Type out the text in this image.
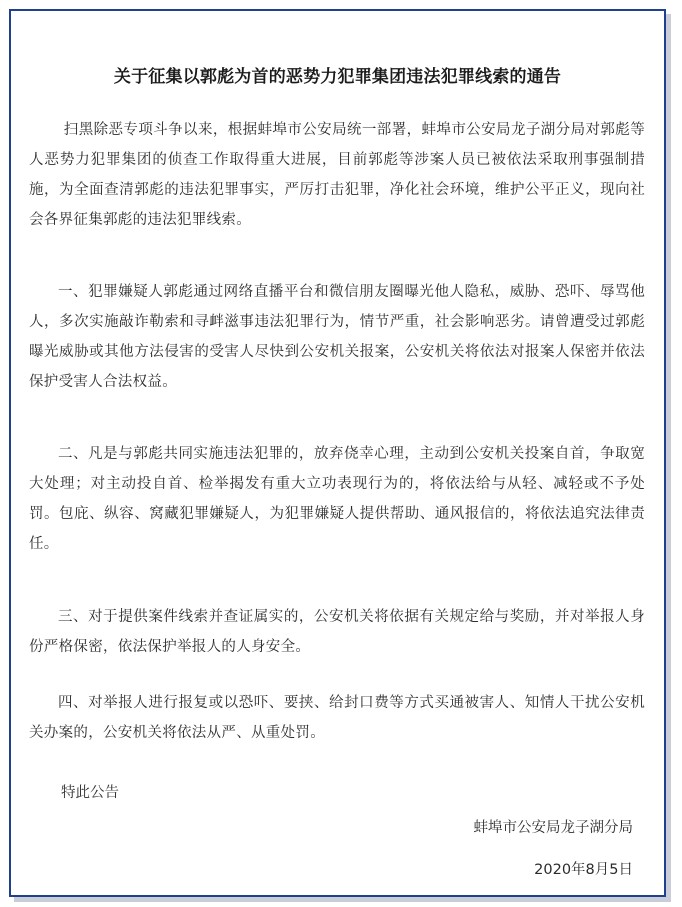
关于征集以郭彪为首的恶势力犯罪集团违法犯罪线索的通告

扫黑除恶专项斗争以来，根据蚌埠市公安局统一部署，蚌埠市公安局龙子湖分局对郭彪等人恶势力犯罪集团的侦查工作取得重大进展，目前郭彪等涉案人员已被依法采取刑事强制措施，为全面查清郭彪的违法犯罪事实，严厉打击犯罪，净化社会环境，维护公平正义，现向社会各界征集郭彪的违法犯罪线索。

一、犯罪嫌疑人郭彪通过网络直播平台和微信朋友圈曝光他人隐私，威胁、恐吓、辱骂他人，多次实施敲诈勒索和寻衅滋事违法犯罪行为，情节严重，社会影响恶劣。请曾遭受过郭彪曝光威胁或其他方法侵害的受害人尽快到公安机关报案，公安机关将依法对报案人保密并依法保护受害人合法权益。

二、凡是与郭彪共同实施违法犯罪的，放弃侥幸心理，主动到公安机关投案自首，争取宽大处理；对主动投自首、检举揭发有重大立功表现行为的，将依法给与从轻、减轻或不予处罚。包庇、纵容、窝藏犯罪嫌疑人，为犯罪嫌疑人提供帮助、通风报信的，将依法追究法律责任。

三、对于提供案件线索并查证属实的，公安机关将依据有关规定给与奖励，并对举报人身份严格保密，依法保护举报人的人身安全。

四、对举报人进行报复或以恐吓、要挟、给封口费等方式买通被害人、知情人干扰公安机关办案的，公安机关将依法从严、从重处罚。

特此公告

蚌埠市公安局龙子湖分局

2020年8月5日
